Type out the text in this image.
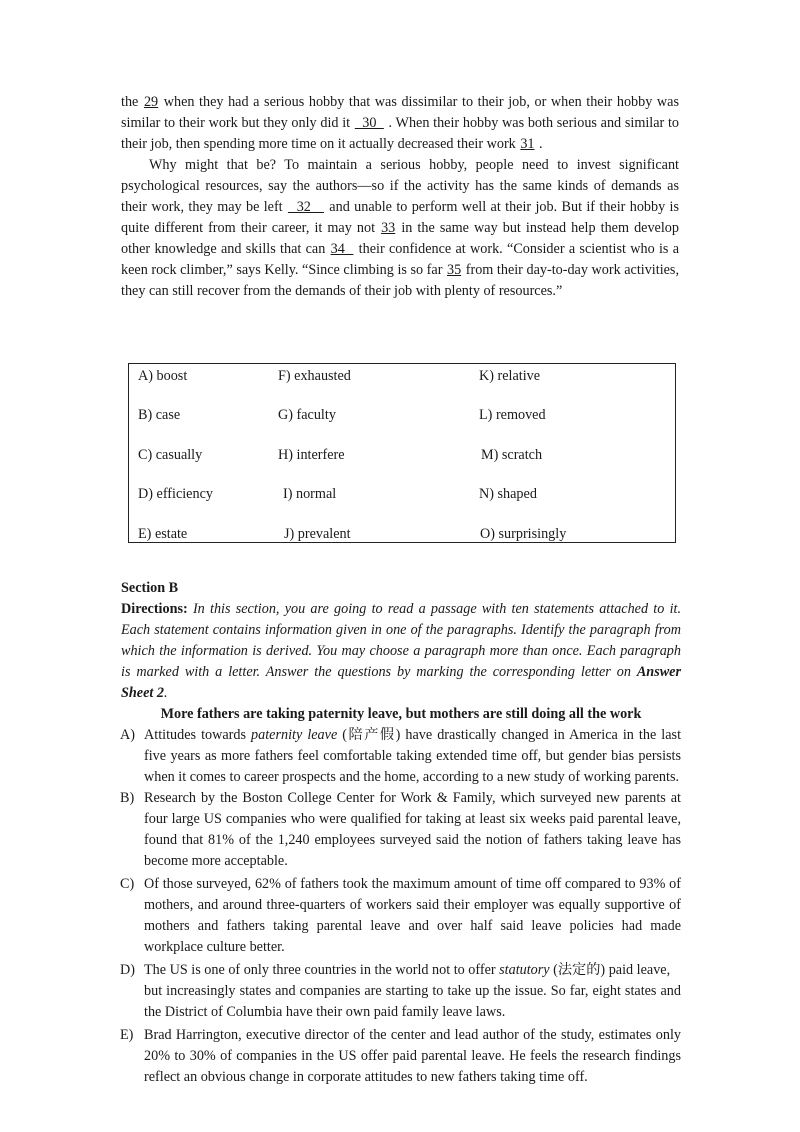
the 29 when they had a serious hobby that was dissimilar to their job, or when their hobby was similar to their work but they only did it   30   . When their hobby was both serious and similar to their job, then spending more time on it actually decreased their work 31 .

Why might that be? To maintain a serious hobby, people need to invest significant psychological resources, say the authors—so if the activity has the same kinds of demands as their work, they may be left   32    and unable to perform well at their job. But if their hobby is quite different from their career, it may not 33 in the same way but instead help them develop other knowledge and skills that can 34   their confidence at work. “Consider a scientist who is a keen rock climber,” says Kelly. “Since climbing is so far 35 from their day-to-day work activities, they can still recover from the demands of their job with plenty of resources.”

A) boost
B) case
C) casually
D) efficiency
E) estate
F) exhausted
G) faculty
H) interfere
I) normal
J) prevalent
K) relative
L) removed
M) scratch
N) shaped
O) surprisingly

Section B

Directions: In this section, you are going to read a passage with ten statements attached to it. Each statement contains information given in one of the paragraphs. Identify the paragraph from which the information is derived. You may choose a paragraph more than once. Each paragraph is marked with a letter. Answer the questions by marking the corresponding letter on Answer Sheet 2.

More fathers are taking paternity leave, but mothers are still doing all the work

A) Attitudes towards paternity leave (陪产假) have drastically changed in America in the last five years as more fathers feel comfortable taking extended time off, but gender bias persists when it comes to career prospects and the home, according to a new study of working parents.
B) Research by the Boston College Center for Work & Family, which surveyed new parents at four large US companies who were qualified for taking at least six weeks paid parental leave, found that 81% of the 1,240 employees surveyed said the notion of fathers taking leave has become more acceptable.
C) Of those surveyed, 62% of fathers took the maximum amount of time off compared to 93% of mothers, and around three-quarters of workers said their employer was equally supportive of mothers and fathers taking parental leave and over half said leave policies had made workplace culture better.
D) The US is one of only three countries in the world not to offer statutory (法定的) paid leave,
but increasingly states and companies are starting to take up the issue. So far, eight states and the District of Columbia have their own paid family leave laws.
E) Brad Harrington, executive director of the center and lead author of the study, estimates only 20% to 30% of companies in the US offer paid parental leave. He feels the research findings reflect an obvious change in corporate attitudes to new fathers taking time off.
